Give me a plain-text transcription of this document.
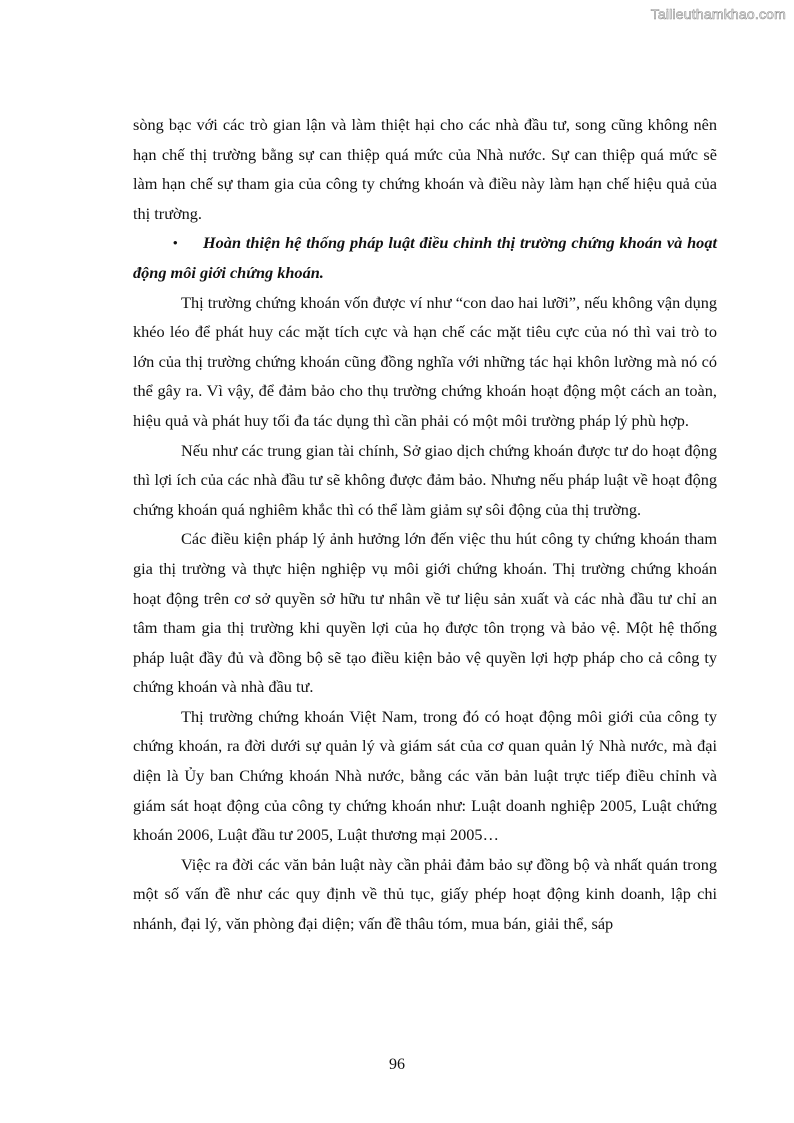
Tailieuthamkhao.com

sòng bạc với các trò gian lận và làm thiệt hại cho các nhà đầu tư, song cũng không nên hạn chế thị trường bằng sự can thiệp quá mức của Nhà nước. Sự can thiệp quá mức sẽ làm hạn chế sự tham gia của công ty chứng khoán và điều này làm hạn chế hiệu quả của thị trường.

• Hoàn thiện hệ thống pháp luật điều chỉnh thị trường chứng khoán và hoạt động môi giới chứng khoán.

Thị trường chứng khoán vốn được ví như “con dao hai lưỡi”, nếu không vận dụng khéo léo để phát huy các mặt tích cực và hạn chế các mặt tiêu cực của nó thì vai trò to lớn của thị trường chứng khoán cũng đồng nghĩa với những tác hại khôn lường mà nó có thể gây ra. Vì vậy, để đảm bảo cho thụ trường chứng khoán hoạt động một cách an toàn, hiệu quả và phát huy tối đa tác dụng thì cần phải có một môi trường pháp lý phù hợp.

Nếu như các trung gian tài chính, Sở giao dịch chứng khoán được tư do hoạt động thì lợi ích của các nhà đầu tư sẽ không được đảm bảo. Nhưng nếu pháp luật về hoạt động chứng khoán quá nghiêm khắc thì có thể làm giảm sự sôi động của thị trường.

Các điều kiện pháp lý ảnh hưởng lớn đến việc thu hút công ty chứng khoán tham gia thị trường và thực hiện nghiệp vụ môi giới chứng khoán. Thị trường chứng khoán hoạt động trên cơ sở quyền sở hữu tư nhân về tư liệu sản xuất và các nhà đầu tư chỉ an tâm tham gia thị trường khi quyền lợi của họ được tôn trọng và bảo vệ. Một hệ thống pháp luật đầy đủ và đồng bộ sẽ tạo điều kiện bảo vệ quyền lợi hợp pháp cho cả công ty chứng khoán và nhà đầu tư.

Thị trường chứng khoán Việt Nam, trong đó có hoạt động môi giới của công ty chứng khoán, ra đời dưới sự quản lý và giám sát của cơ quan quản lý Nhà nước, mà đại diện là Ủy ban Chứng khoán Nhà nước, bằng các văn bản luật trực tiếp điều chỉnh và giám sát hoạt động của công ty chứng khoán như: Luật doanh nghiệp 2005, Luật chứng khoán 2006, Luật đầu tư 2005, Luật thương mại 2005…

Việc ra đời các văn bản luật này cần phải đảm bảo sự đồng bộ và nhất quán trong một số vấn đề như các quy định về thủ tục, giấy phép hoạt động kinh doanh, lập chi nhánh, đại lý, văn phòng đại diện; vấn đề thâu tóm, mua bán, giải thể, sáp

96
